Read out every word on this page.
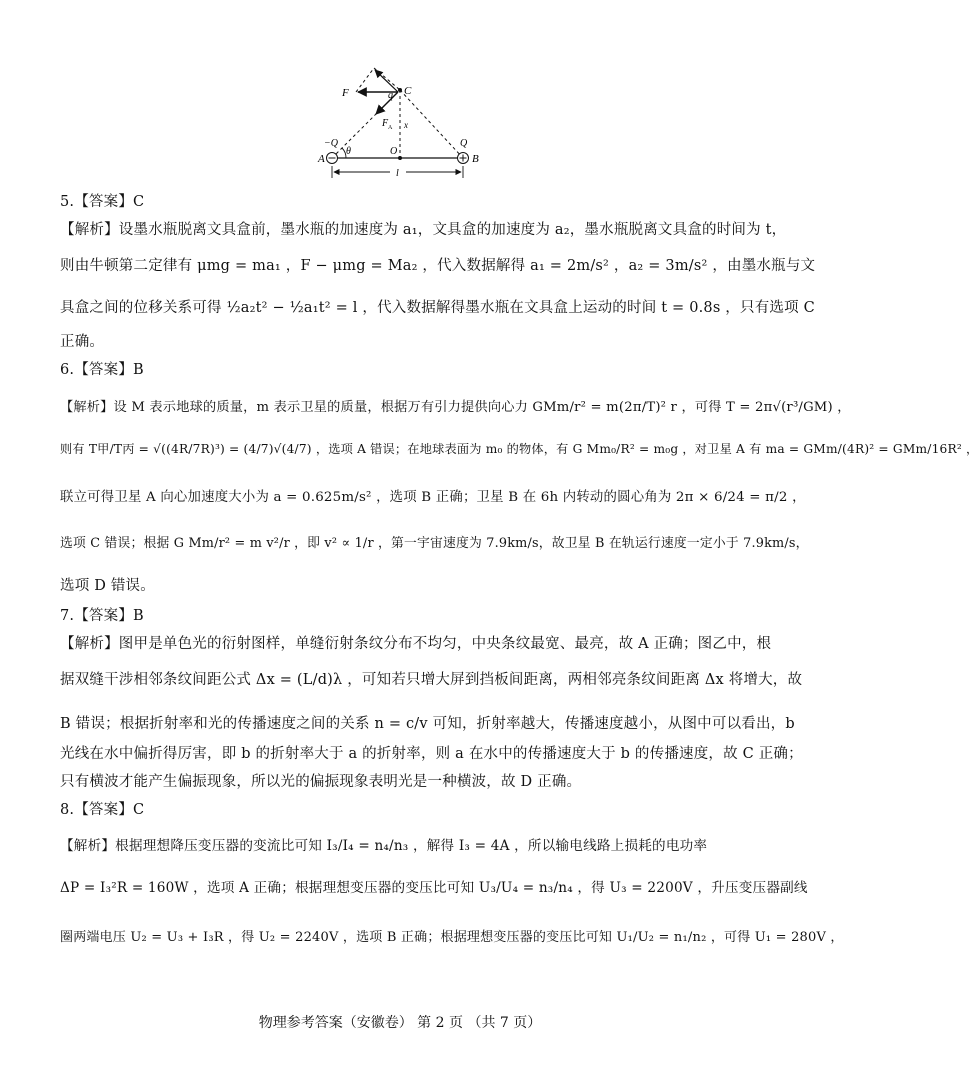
F	q C
F A x
−Q	Q
A
θ	O
B
l
5.【答案】C
【解析】设墨水瓶脱离文具盒前，墨水瓶的加速度为 a₁，文具盒的加速度为 a₂，墨水瓶脱离文具盒的时间为 t，
则由牛顿第二定律有 μmg = ma₁ ，F − μmg = Ma₂ ，代入数据解得 a₁ = 2m/s² ，a₂ = 3m/s² ，由墨水瓶与文
具盒之间的位移关系可得 ½a₂t² − ½a₁t² = l ，代入数据解得墨水瓶在文具盒上运动的时间 t = 0.8s ，只有选项 C
正确。
6.【答案】B
【解析】设 M 表示地球的质量，m 表示卫星的质量，根据万有引力提供向心力 GMm/r² = m(2π/T)² r ，可得 T = 2π√(r³/GM) ，
则有 T甲/T丙 = √((4R/7R)³) = (4/7)√(4/7) ，选项 A 错误；在地球表面为 m₀ 的物体，有 G Mm₀/R² = m₀g ，对卫星 A 有 ma = GMm/(4R)² = GMm/16R² ，
联立可得卫星 A 向心加速度大小为 a = 0.625m/s² ，选项 B 正确；卫星 B 在 6h 内转动的圆心角为 2π × 6/24 = π/2 ，
选项 C 错误；根据 G Mm/r² = m v²/r ，即 v² ∝ 1/r ，第一宇宙速度为 7.9km/s，故卫星 B 在轨运行速度一定小于 7.9km/s，
选项 D 错误。
7.【答案】B
【解析】图甲是单色光的衍射图样，单缝衍射条纹分布不均匀，中央条纹最宽、最亮，故 A 正确；图乙中，根
据双缝干涉相邻条纹间距公式 Δx = (L/d)λ ，可知若只增大屏到挡板间距离，两相邻亮条纹间距离 Δx 将增大，故
B 错误；根据折射率和光的传播速度之间的关系 n = c/v 可知，折射率越大，传播速度越小，从图中可以看出，b
光线在水中偏折得厉害，即 b 的折射率大于 a 的折射率，则 a 在水中的传播速度大于 b 的传播速度，故 C 正确；
只有横波才能产生偏振现象，所以光的偏振现象表明光是一种横波，故 D 正确。
8.【答案】C
【解析】根据理想降压变压器的变流比可知 I₃/I₄ = n₄/n₃ ，解得 I₃ = 4A ，所以输电线路上损耗的电功率
ΔP = I₃²R = 160W ，选项 A 正确；根据理想变压器的变压比可知 U₃/U₄ = n₃/n₄ ，得 U₃ = 2200V ，升压变压器副线
圈两端电压 U₂ = U₃ + I₃R ，得 U₂ = 2240V ，选项 B 正确；根据理想变压器的变压比可知 U₁/U₂ = n₁/n₂ ，可得 U₁ = 280V ，
物理参考答案（安徽卷） 第 2 页 （共 7 页）
